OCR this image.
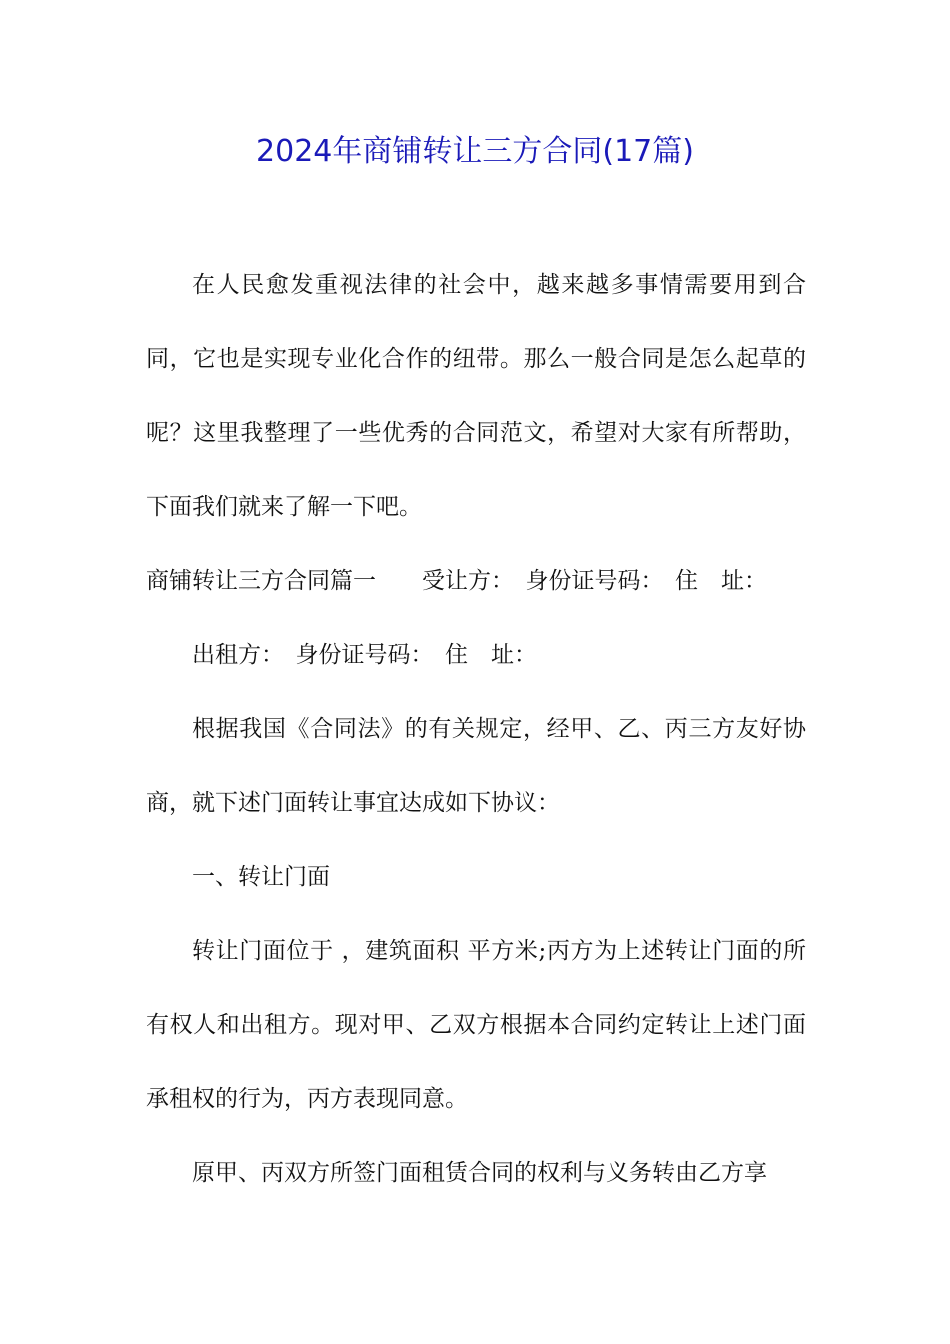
2024年商铺转让三方合同(17篇)

在人民愈发重视法律的社会中，越来越多事情需要用到合同，它也是实现专业化合作的纽带。那么一般合同是怎么起草的呢？这里我整理了一些优秀的合同范文，希望对大家有所帮助，下面我们就来了解一下吧。

商铺转让三方合同篇一　　受让方：　身份证号码：　住　址：

　　出租方：　身份证号码：　住　址：

根据我国《合同法》的有关规定，经甲、乙、丙三方友好协商，就下述门面转让事宜达成如下协议：

一、转让门面

转让门面位于 ，建筑面积 平方米;丙方为上述转让门面的所有权人和出租方。现对甲、乙双方根据本合同约定转让上述门面承租权的行为，丙方表现同意。

原甲、丙双方所签门面租赁合同的权利与义务转由乙方享
